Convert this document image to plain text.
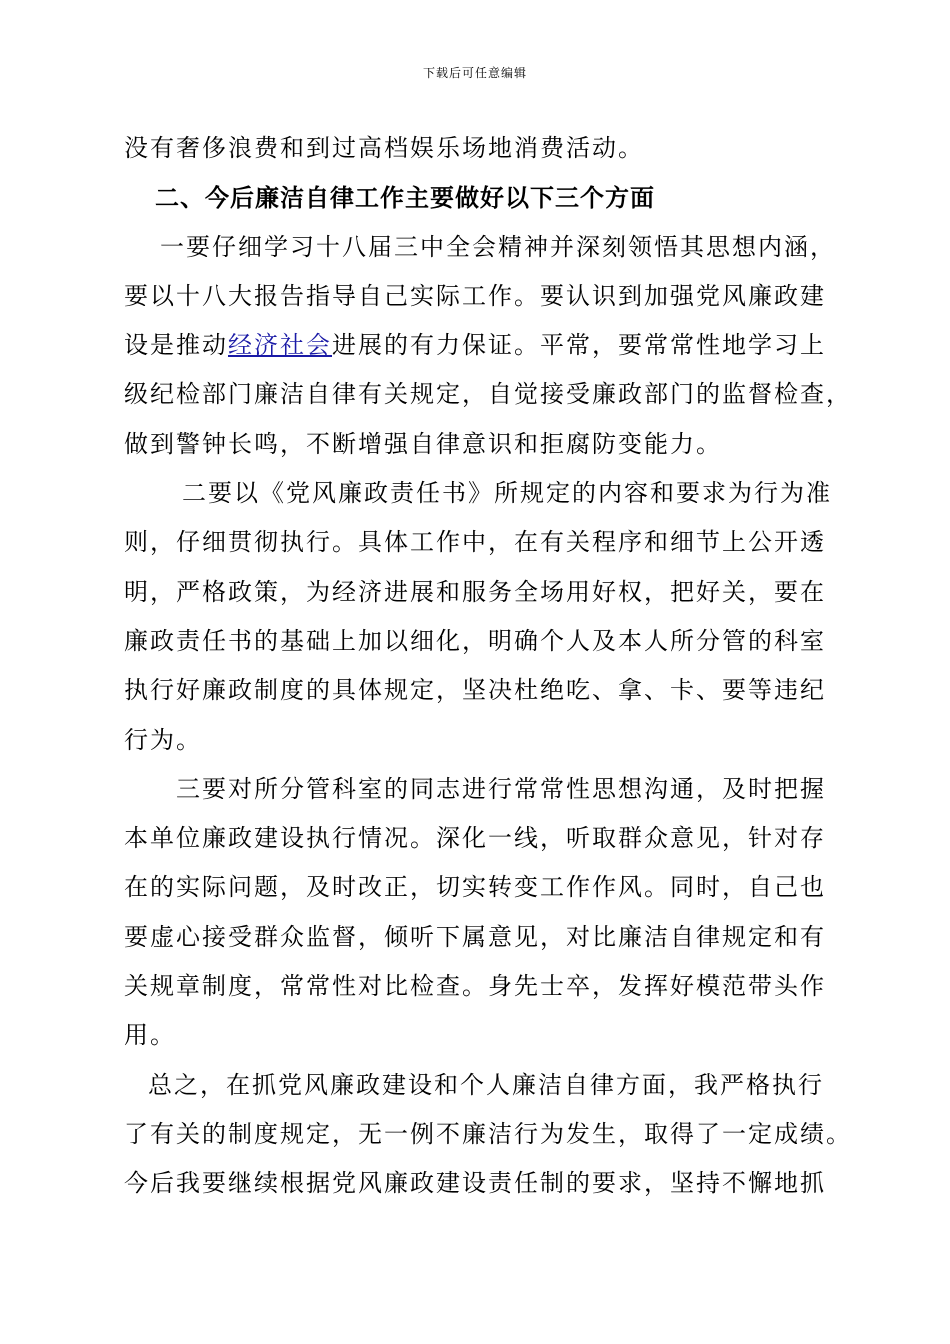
下载后可任意编辑
没有奢侈浪费和到过高档娱乐场地消费活动。
二、今后廉洁自律工作主要做好以下三个方面
一要仔细学习十八届三中全会精神并深刻领悟其思想内涵，
要以十八大报告指导自己实际工作。要认识到加强党风廉政建
设是推动经济社会进展的有力保证。平常，要常常性地学习上
级纪检部门廉洁自律有关规定，自觉接受廉政部门的监督检查，
做到警钟长鸣，不断增强自律意识和拒腐防变能力。
二要以《党风廉政责任书》所规定的内容和要求为行为准
则，仔细贯彻执行。具体工作中，在有关程序和细节上公开透
明，严格政策，为经济进展和服务全场用好权，把好关，要在
廉政责任书的基础上加以细化，明确个人及本人所分管的科室
执行好廉政制度的具体规定，坚决杜绝吃、拿、卡、要等违纪
行为。
三要对所分管科室的同志进行常常性思想沟通，及时把握
本单位廉政建设执行情况。深化一线，听取群众意见，针对存
在的实际问题，及时改正，切实转变工作作风。同时，自己也
要虚心接受群众监督，倾听下属意见，对比廉洁自律规定和有
关规章制度，常常性对比检查。身先士卒，发挥好模范带头作
用。
总之，在抓党风廉政建设和个人廉洁自律方面，我严格执行
了有关的制度规定，无一例不廉洁行为发生，取得了一定成绩。
今后我要继续根据党风廉政建设责任制的要求，坚持不懈地抓
